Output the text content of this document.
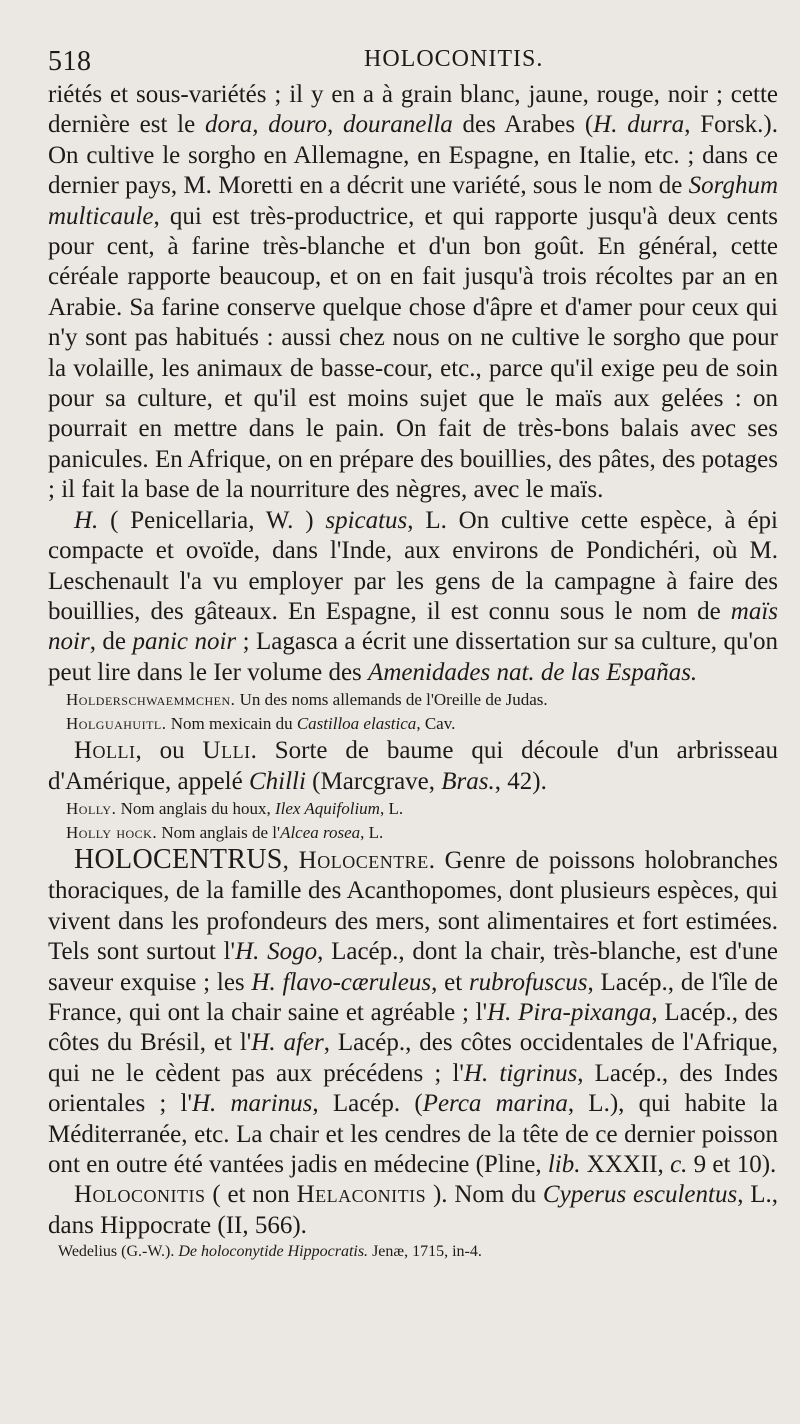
518	HOLOCONITIS.

riétés et sous-variétés ; il y en a à grain blanc, jaune, rouge, noir ; cette dernière est le dora, douro, douranella des Arabes (H. durra, Forsk.). On cultive le sorgho en Allemagne, en Espagne, en Italie, etc. ; dans ce dernier pays, M. Moretti en a décrit une variété, sous le nom de Sorghum multicaule, qui est très-productrice, et qui rapporte jusqu'à deux cents pour cent, à farine très-blanche et d'un bon goût. En général, cette céréale rapporte beaucoup, et on en fait jusqu'à trois récoltes par an en Arabie. Sa farine conserve quelque chose d'âpre et d'amer pour ceux qui n'y sont pas habitués : aussi chez nous on ne cultive le sorgho que pour la volaille, les animaux de basse-cour, etc., parce qu'il exige peu de soin pour sa culture, et qu'il est moins sujet que le maïs aux gelées : on pourrait en mettre dans le pain. On fait de très-bons balais avec ses panicules. En Afrique, on en prépare des bouillies, des pâtes, des potages ; il fait la base de la nourriture des nègres, avec le maïs.

H. ( Penicellaria, W. ) spicatus, L. On cultive cette espèce, à épi compacte et ovoïde, dans l'Inde, aux environs de Pondichéri, où M. Leschenault l'a vu employer par les gens de la campagne à faire des bouillies, des gâteaux. En Espagne, il est connu sous le nom de maïs noir, de panic noir ; Lagasca a écrit une dissertation sur sa culture, qu'on peut lire dans le Ier volume des Amenidades nat. de las Españas.

Holderschwaemmchen. Un des noms allemands de l'Oreille de Judas.

Holguahuitl. Nom mexicain du Castilloa elastica, Cav.

Holli, ou Ulli. Sorte de baume qui découle d'un arbrisseau d'Amérique, appelé Chilli (Marcgrave, Bras., 42).

Holly. Nom anglais du houx, Ilex Aquifolium, L.

Holly hock. Nom anglais de l'Alcea rosea, L.

HOLOCENTRUS, Holocentre. Genre de poissons holobranches thoraciques, de la famille des Acanthopomes, dont plusieurs espèces, qui vivent dans les profondeurs des mers, sont alimentaires et fort estimées. Tels sont surtout l'H. Sogo, Lacép., dont la chair, très-blanche, est d'une saveur exquise ; les H. flavo-cæruleus, et rubrofuscus, Lacép., de l'île de France, qui ont la chair saine et agréable ; l'H. Pira-pixanga, Lacép., des côtes du Brésil, et l'H. afer, Lacép., des côtes occidentales de l'Afrique, qui ne le cèdent pas aux précédens ; l'H. tigrinus, Lacép., des Indes orientales ; l'H. marinus, Lacép. (Perca marina, L.), qui habite la Méditerranée, etc. La chair et les cendres de la tête de ce dernier poisson ont en outre été vantées jadis en médecine (Pline, lib. XXXII, c. 9 et 10).

Holoconitis ( et non Helaconitis ). Nom du Cyperus esculentus, L., dans Hippocrate (II, 566).

Wedelius (G.-W.). De holoconytide Hippocratis. Jenæ, 1715, in-4.
